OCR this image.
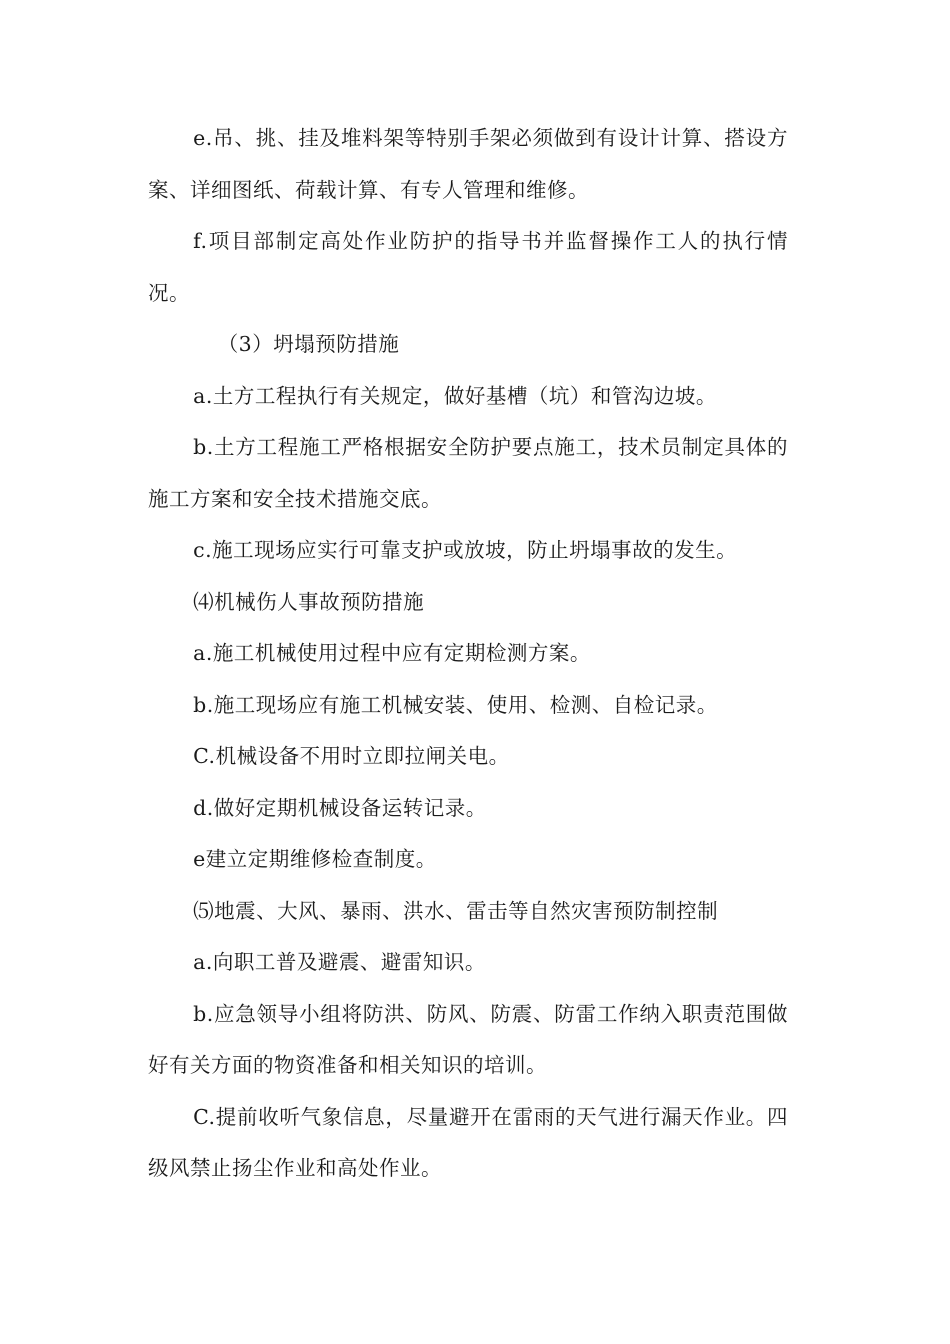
e.吊、挑、挂及堆料架等特别手架必须做到有设计计算、搭设方案、详细图纸、荷载计算、有专人管理和维修。

f.项目部制定高处作业防护的指导书并监督操作工人的执行情况。

（3）坍塌预防措施

a.土方工程执行有关规定，做好基槽（坑）和管沟边坡。

b.土方工程施工严格根据安全防护要点施工，技术员制定具体的施工方案和安全技术措施交底。

c.施工现场应实行可靠支护或放坡，防止坍塌事故的发生。

⑷机械伤人事故预防措施

a.施工机械使用过程中应有定期检测方案。

b.施工现场应有施工机械安装、使用、检测、自检记录。

C.机械设备不用时立即拉闸关电。

d.做好定期机械设备运转记录。

e建立定期维修检查制度。

⑸地震、大风、暴雨、洪水、雷击等自然灾害预防制控制

a.向职工普及避震、避雷知识。

b.应急领导小组将防洪、防风、防震、防雷工作纳入职责范围做好有关方面的物资准备和相关知识的培训。

C.提前收听气象信息，尽量避开在雷雨的天气进行漏天作业。四级风禁止扬尘作业和高处作业。
